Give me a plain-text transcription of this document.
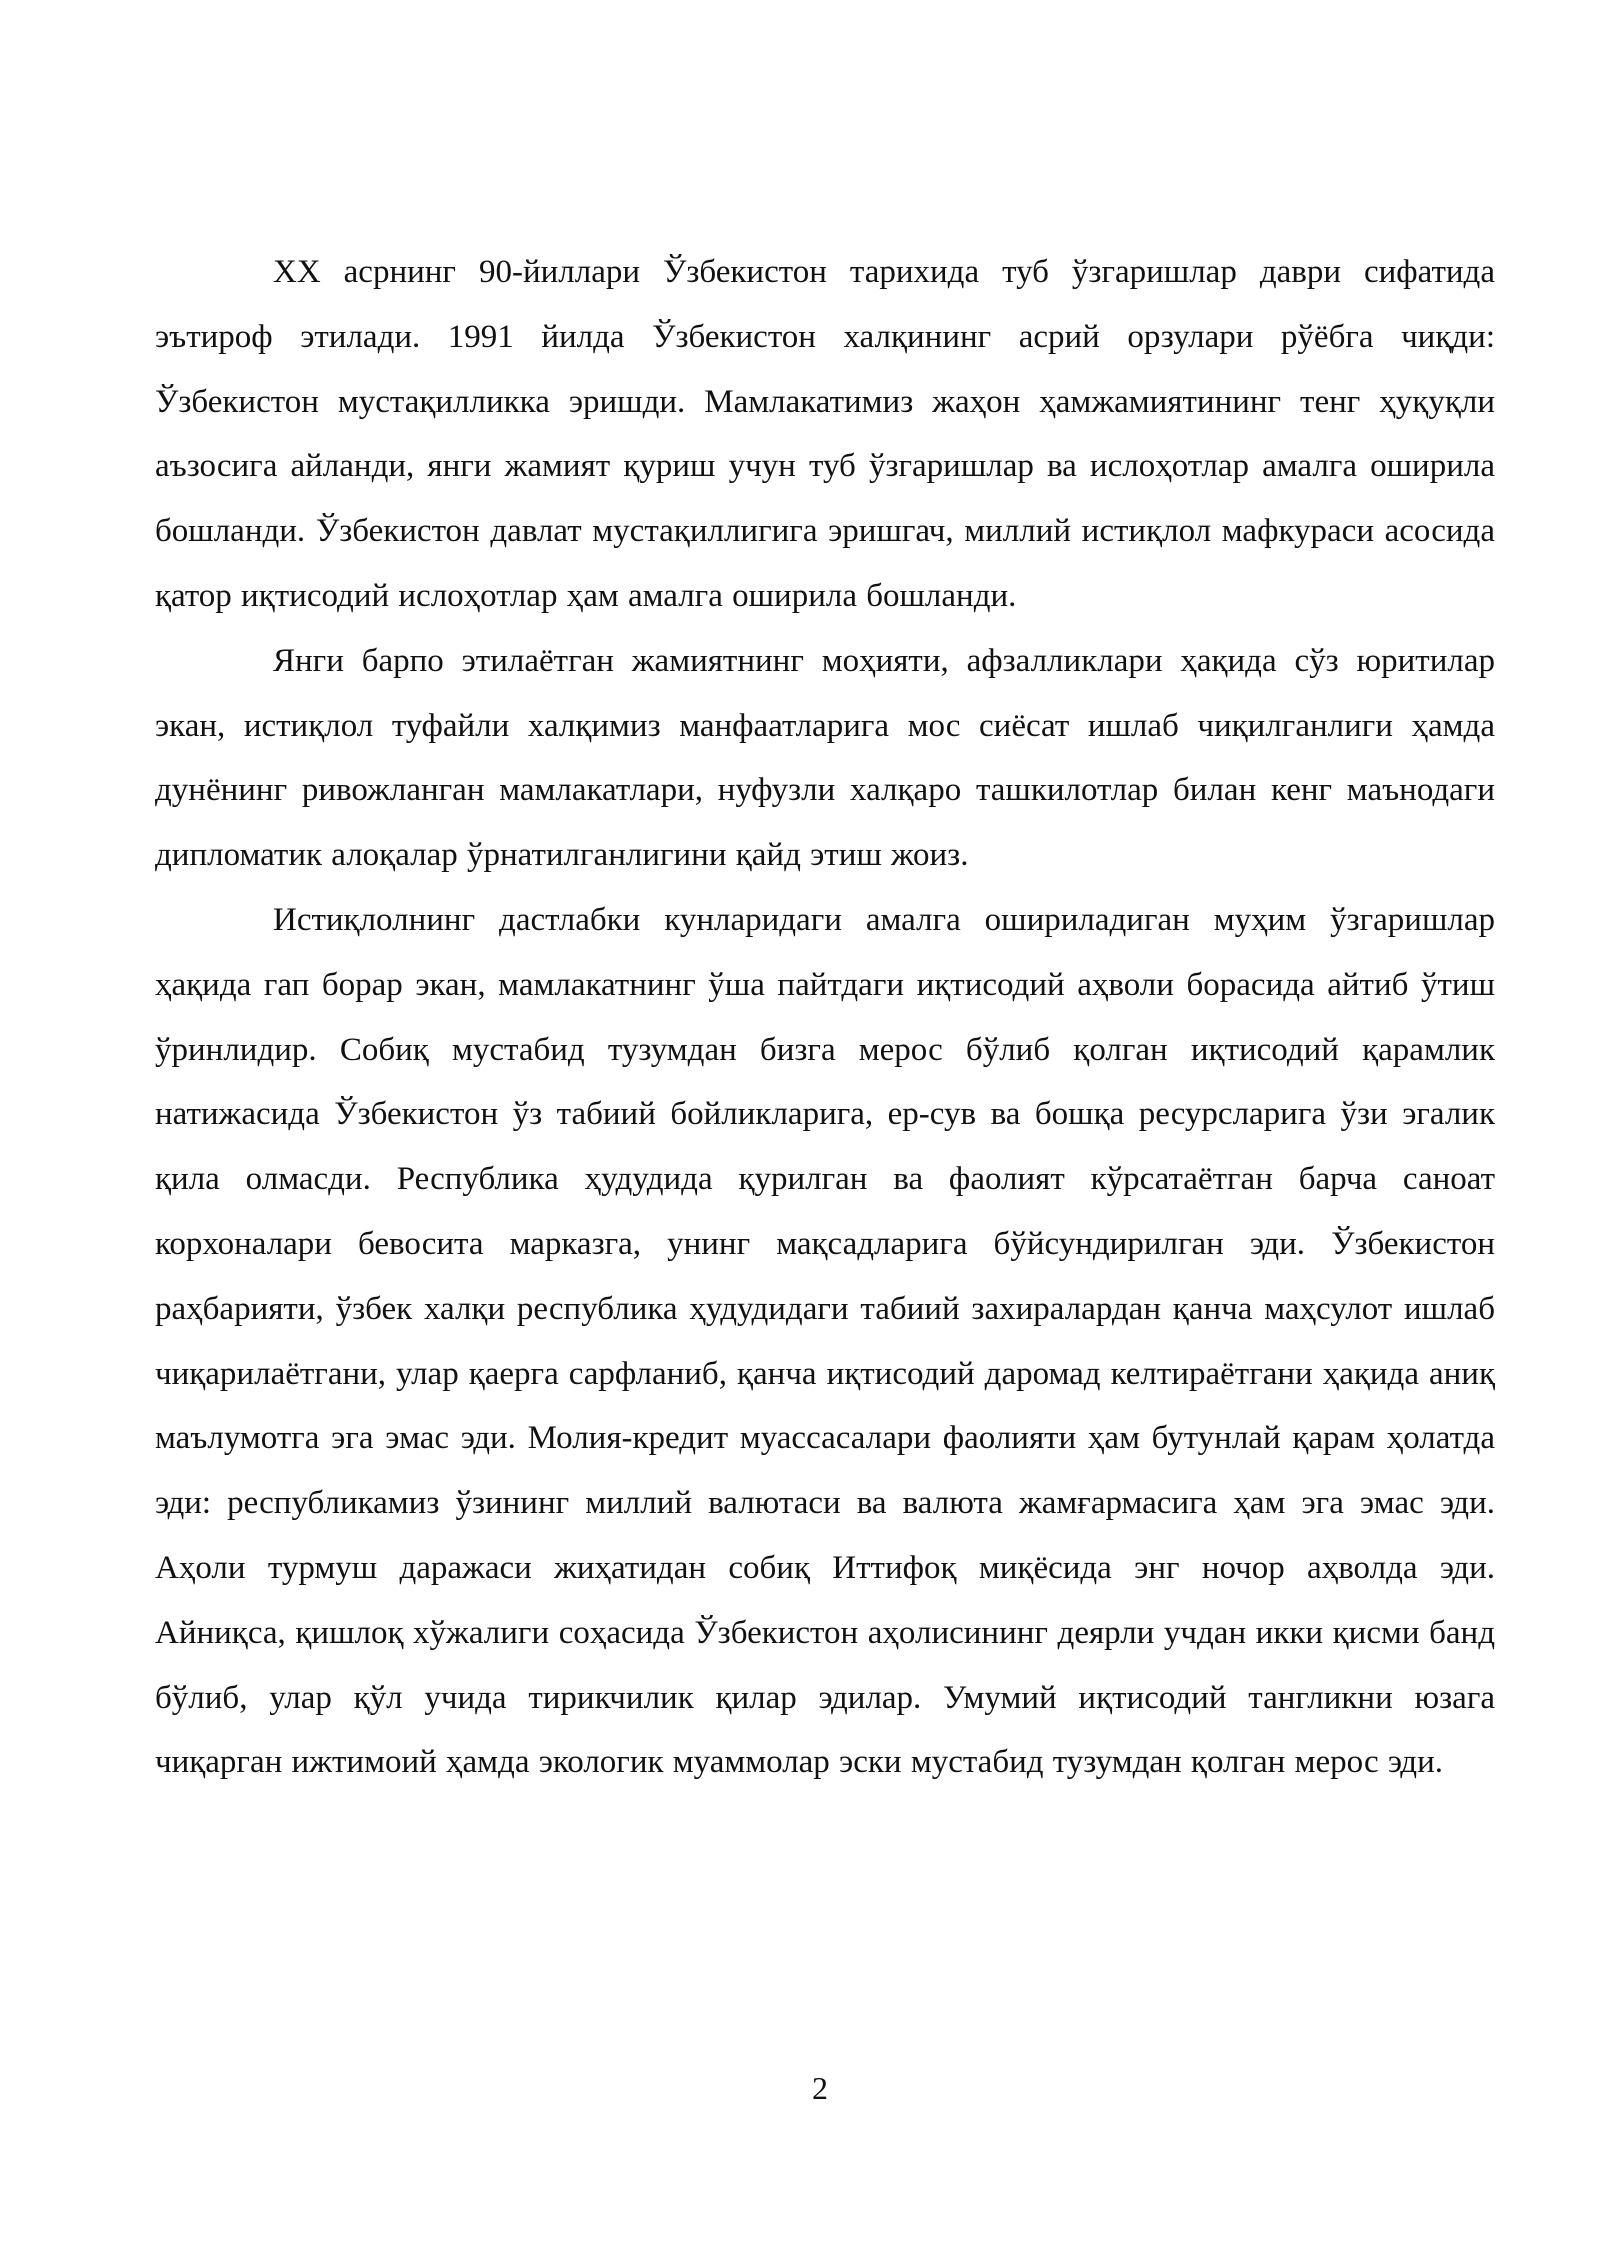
XX асрнинг 90-йиллари Ўзбекистон тарихида туб ўзгаришлар даври сифатида эътироф этилади. 1991 йилда Ўзбекистон халқининг асрий орзулари рўёбга чиқди: Ўзбекистон мустақилликка эришди. Мамлакатимиз жаҳон ҳамжамиятининг тенг ҳуқуқли аъзосига айланди, янги жамият қуриш учун туб ўзгаришлар ва ислоҳотлар амалга оширила бошланди. Ўзбекистон давлат мустақиллигига эришгач, миллий истиқлол мафкураси асосида қатор иқтисодий ислоҳотлар ҳам амалга оширила бошланди.

Янги барпо этилаётган жамиятнинг моҳияти, афзалликлари ҳақида сўз юритилар экан, истиқлол туфайли халқимиз манфаатларига мос сиёсат ишлаб чиқилганлиги ҳамда дунёнинг ривожланган мамлакатлари, нуфузли халқаро ташкилотлар билан кенг маънодаги дипломатик алоқалар ўрнатилганлигини қайд этиш жоиз.

Истиқлолнинг дастлабки кунларидаги амалга ошириладиган муҳим ўзгаришлар ҳақида гап борар экан, мамлакатнинг ўша пайтдаги иқтисодий аҳволи борасида айтиб ўтиш ўринлидир. Собиқ мустабид тузумдан бизга мерос бўлиб қолган иқтисодий қарамлик натижасида Ўзбекистон ўз табиий бойликларига, ер-сув ва бошқа ресурсларига ўзи эгалик қила олмасди. Республика ҳудудида қурилган ва фаолият кўрсатаётган барча саноат корхоналари бевосита марказга, унинг мақсадларига бўйсундирилган эди. Ўзбекистон раҳбарияти, ўзбек халқи республика ҳудудидаги табиий захиралардан қанча маҳсулот ишлаб чиқарилаётгани, улар қаерга сарфланиб, қанча иқтисодий даромад келтираётгани ҳақида аниқ маълумотга эга эмас эди. Молия-кредит муассасалари фаолияти ҳам бутунлай қарам ҳолатда эди: республикамиз ўзининг миллий валютаси ва валюта жамғармасига ҳам эга эмас эди. Аҳоли турмуш даражаси жиҳатидан собиқ Иттифоқ миқёсида энг ночор аҳволда эди. Айниқса, қишлоқ хўжалиги соҳасида Ўзбекистон аҳолисининг деярли учдан икки қисми банд бўлиб, улар қўл учида тирикчилик қилар эдилар. Умумий иқтисодий тангликни юзага чиқарган ижтимоий ҳамда экологик муаммолар эски мустабид тузумдан қолган мерос эди.

2
